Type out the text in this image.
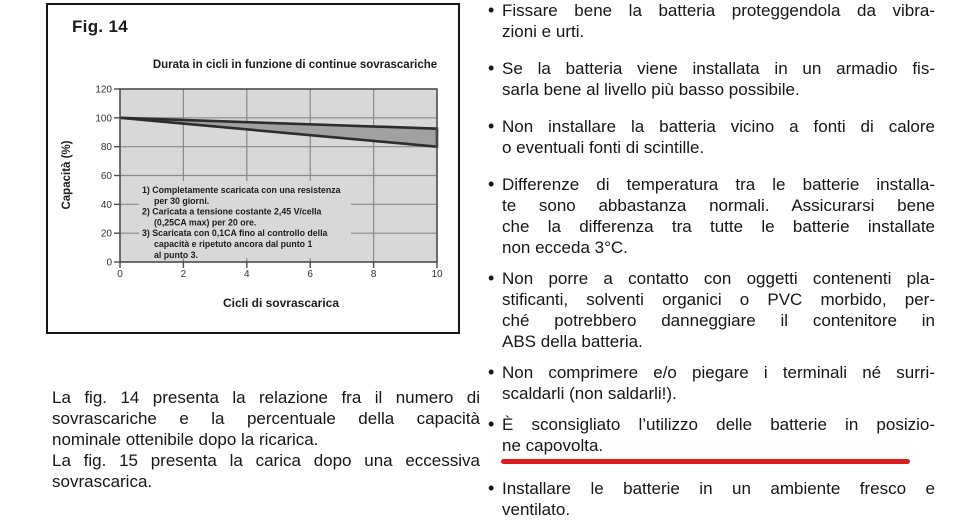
Fig. 14
0
20
40
60
80
100
120
0	2	4	6	8	10
Durata in cicli in funzione di continue sovrascariche
Capacità (%)
Cicli di sovrascarica
1) Completamente scaricata con una resistenza
per 30 giorni.
2) Caricata a tensione costante 2,45 V/cella
(0,25CA max) per 20 ore.
3) Scaricata con 0,1CA fino al controllo della
capacità e ripetuto ancora dal punto 1
al punto 3.
La fig. 14 presenta la relazione fra il numero di
sovrascariche e la percentuale della capacità
nominale ottenibile dopo la ricarica.
La fig. 15 presenta la carica dopo una eccessiva
sovrascarica.
• Fissare bene la batteria proteggendola da vibra-
zioni e urti.
• Se la batteria viene installata in un armadio fis-
sarla bene al livello più basso possibile.
• Non installare la batteria vicino a fonti di calore
o eventuali fonti di scintille.
• Differenze di temperatura tra le batterie installa-
te sono abbastanza normali. Assicurarsi bene
che la differenza tra tutte le batterie installate
non ecceda 3°C.
• Non porre a contatto con oggetti contenenti pla-
stificanti, solventi organici o PVC morbido, per-
ché potrebbero danneggiare il contenitore in
ABS della batteria.
• Non comprimere e/o piegare i terminali né surri-
scaldarli (non saldarli!).
• È sconsigliato l’utilizzo delle batterie in posizio-
ne capovolta.
• Installare le batterie in un ambiente fresco e
ventilato.
